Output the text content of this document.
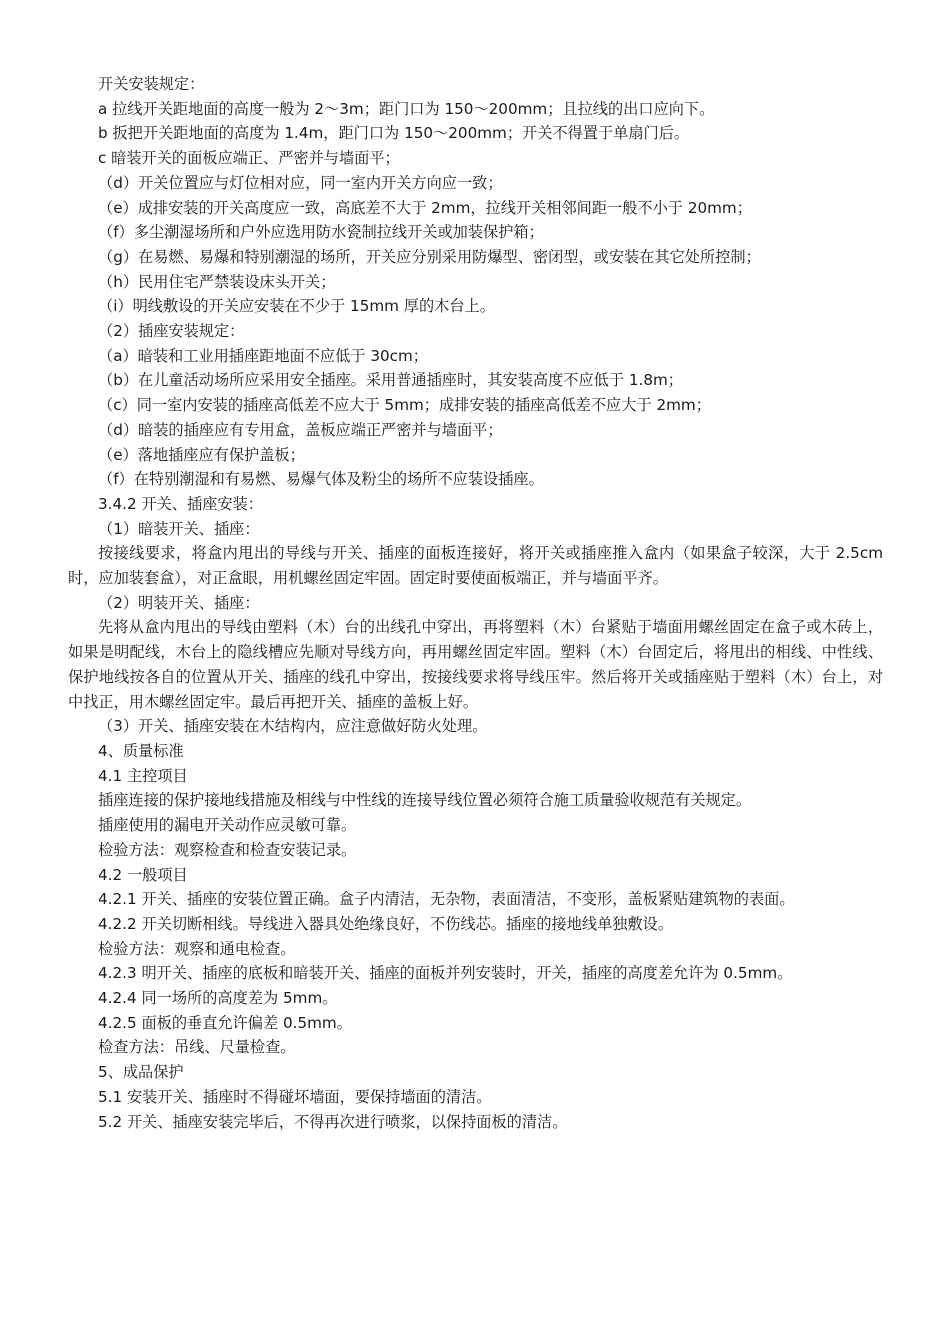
开关安装规定：

a 拉线开关距地面的高度一般为 2～3m；距门口为 150～200mm；且拉线的出口应向下。

b 扳把开关距地面的高度为 1.4m，距门口为 150～200mm；开关不得置于单扇门后。

c 暗装开关的面板应端正、严密并与墙面平；

（d）开关位置应与灯位相对应，同一室内开关方向应一致；

（e）成排安装的开关高度应一致，高底差不大于 2mm，拉线开关相邻间距一般不小于 20mm；

（f）多尘潮湿场所和户外应选用防水瓷制拉线开关或加装保护箱；

（g）在易燃、易爆和特别潮湿的场所，开关应分别采用防爆型、密闭型，或安装在其它处所控制；

（h）民用住宅严禁装设床头开关；

（i）明线敷设的开关应安装在不少于 15mm 厚的木台上。

（2）插座安装规定：

（a）暗装和工业用插座距地面不应低于 30cm；

（b）在儿童活动场所应采用安全插座。采用普通插座时，其安装高度不应低于 1.8m；

（c）同一室内安装的插座高低差不应大于 5mm；成排安装的插座高低差不应大于 2mm；

（d）暗装的插座应有专用盒，盖板应端正严密并与墙面平；

（e）落地插座应有保护盖板；

（f）在特别潮湿和有易燃、易爆气体及粉尘的场所不应装设插座。

3.4.2 开关、插座安装：

（1）暗装开关、插座：

按接线要求，将盒内甩出的导线与开关、插座的面板连接好，将开关或插座推入盒内（如果盒子较深，大于 2.5cm 时，应加装套盒），对正盒眼，用机螺丝固定牢固。固定时要使面板端正，并与墙面平齐。

（2）明装开关、插座：

先将从盒内甩出的导线由塑料（木）台的出线孔中穿出，再将塑料（木）台紧贴于墙面用螺丝固定在盒子或木砖上，如果是明配线，木台上的隐线槽应先顺对导线方向，再用螺丝固定牢固。塑料（木）台固定后，将甩出的相线、中性线、保护地线按各自的位置从开关、插座的线孔中穿出，按接线要求将导线压牢。然后将开关或插座贴于塑料（木）台上，对中找正，用木螺丝固定牢。最后再把开关、插座的盖板上好。

（3）开关、插座安装在木结构内，应注意做好防火处理。

4、质量标准

4.1 主控项目

插座连接的保护接地线措施及相线与中性线的连接导线位置必须符合施工质量验收规范有关规定。

插座使用的漏电开关动作应灵敏可靠。

检验方法：观察检查和检查安装记录。

4.2 一般项目

4.2.1 开关、插座的安装位置正确。盒子内清洁，无杂物，表面清洁，不变形，盖板紧贴建筑物的表面。

4.2.2 开关切断相线。导线进入器具处绝缘良好，不伤线芯。插座的接地线单独敷设。

检验方法：观察和通电检查。

4.2.3 明开关、插座的底板和暗装开关、插座的面板并列安装时，开关，插座的高度差允许为 0.5mm。

4.2.4 同一场所的高度差为 5mm。

4.2.5 面板的垂直允许偏差 0.5mm。

检查方法：吊线、尺量检查。

5、成品保护

5.1 安装开关、插座时不得碰坏墙面，要保持墙面的清洁。

5.2 开关、插座安装完毕后，不得再次进行喷浆，以保持面板的清洁。
